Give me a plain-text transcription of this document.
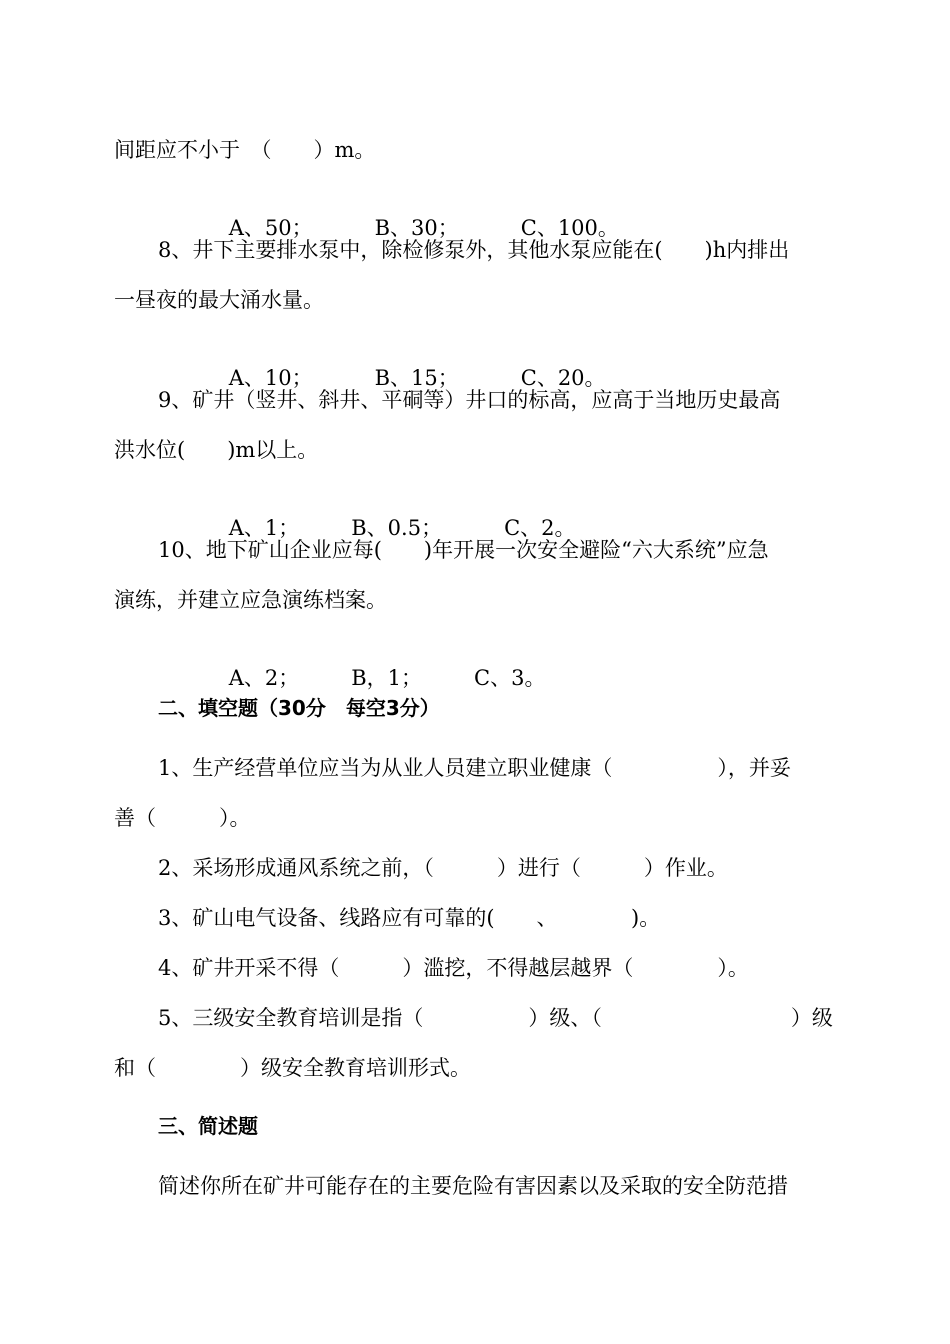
间距应不小于　（　　）m。

A、50；	B、30；	C、100。

8、井下主要排水泵中，除检修泵外，其他水泵应能在(　　)h内排出
一昼夜的最大涌水量。

A、10；	B、15；	C、20。

9、矿井（竖井、斜井、平硐等）井口的标高，应高于当地历史最高
洪水位(　　)m以上。

A、1； B、0.5；	C、2。

10、地下矿山企业应每(　　)年开展一次安全避险“六大系统”应急
演练，并建立应急演练档案。

A、2； B，1； C、3。

二、填空题（30分　每空3分）
1、生产经营单位应当为从业人员建立职业健康（　　　　　），并妥
善（　　　）。
2、采场形成通风系统之前，（　　　）进行（　　　）作业。
3、矿山电气设备、线路应有可靠的(　　、　　　　)。
4、矿井开采不得（　　　）滥挖，不得越层越界（　　　　）。
5、三级安全教育培训是指（　　　　　）级、（　　　　　　　　　）级
和（　　　　）级安全教育培训形式。
三、简述题
简述你所在矿井可能存在的主要危险有害因素以及采取的安全防范措
